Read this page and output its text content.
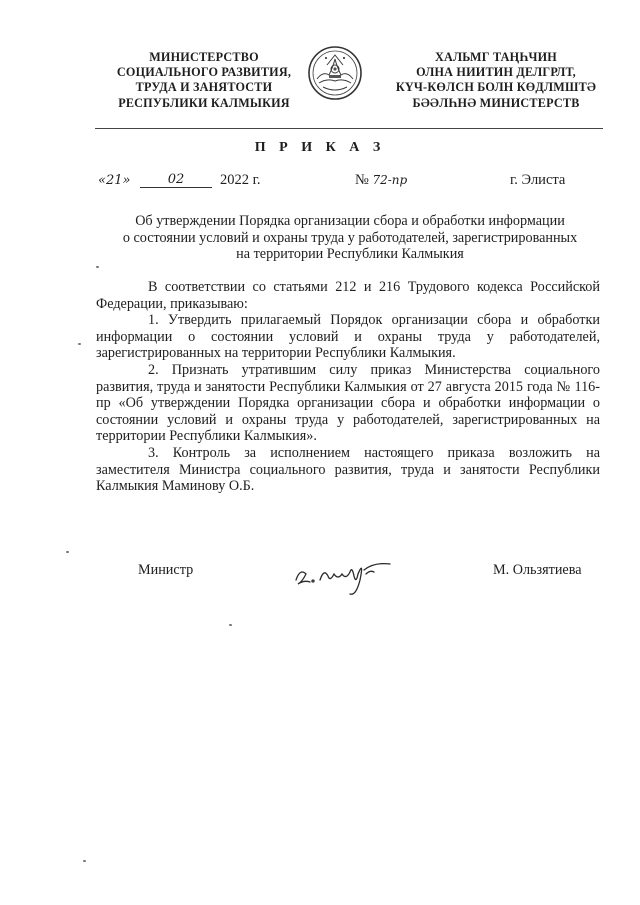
МИНИСТЕРСТВО
СОЦИАЛЬНОГО РАЗВИТИЯ,
ТРУДА И ЗАНЯТОСТИ
РЕСПУБЛИКИ КАЛМЫКИЯ
ХАЛЬМГ ТАҢҺЧИН
ОЛНА НИИТИН ДЕЛГРЛТ,
КҮЧ-КӨЛСН БОЛН КӨДЛМШТӘ
БӘӘЛҺНӘ МИНИСТЕРСТВ
П Р И К А З
«21»	02	2022 г.	№ 72-пр	г. Элиста
Об утверждении Порядка организации сбора и обработки информации
о состоянии условий и охраны труда у работодателей, зарегистрированных
на территории Республики Калмыкия

В соответствии со статьями 212 и 216 Трудового кодекса Российской Федерации, приказываю:

1. Утвердить прилагаемый Порядок организации сбора и обработки информации о состоянии условий и охраны труда у работодателей, зарегистрированных на территории Республики Калмыкия.

2. Признать утратившим силу приказ Министерства социального развития, труда и занятости Республики Калмыкия от 27 августа 2015 года № 116-пр «Об утверждении Порядка организации сбора и обработки информации о состоянии условий и охраны труда у работодателей, зарегистрированных на территории Республики Калмыкия».

3. Контроль за исполнением настоящего приказа возложить на заместителя Министра социального развития, труда и занятости Республики Калмыкия Маминову О.Б.

Министр	М. Ользятиева
